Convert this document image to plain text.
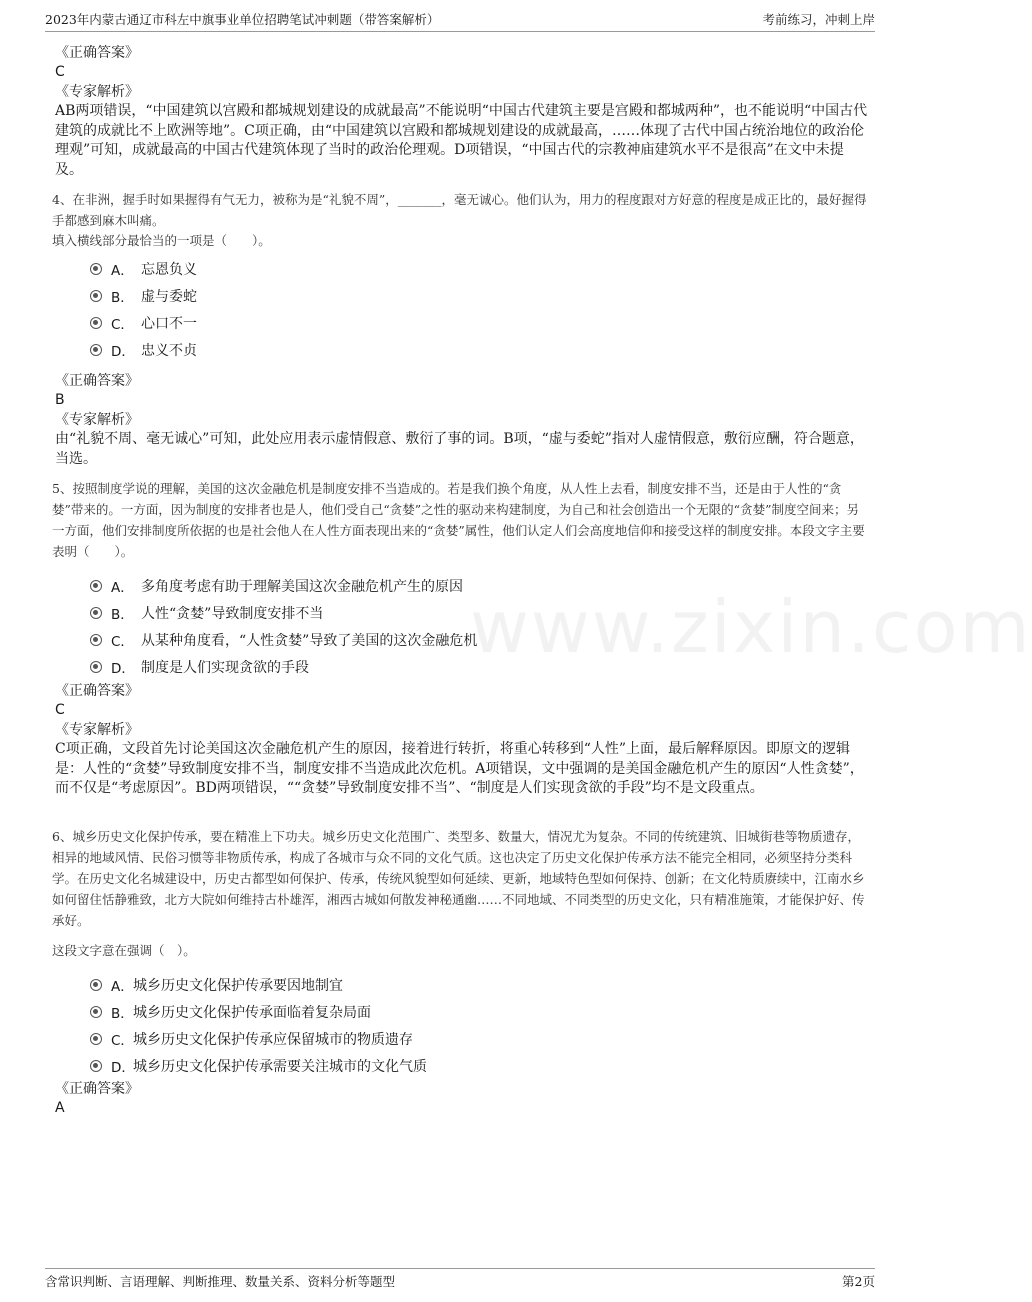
2023年内蒙古通辽市科左中旗事业单位招聘笔试冲刺题（带答案解析）	考前练习，冲刺上岸
www.zixin.com
《正确答案》
C
《专家解析》
AB两项错误，“中国建筑以宫殿和都城规划建设的成就最高”不能说明“中国古代建筑主要是宫殿和都城两种”，也不能说明“中国古代建筑的成就比不上欧洲等地”。C项正确，由“中国建筑以宫殿和都城规划建设的成就最高，……体现了古代中国占统治地位的政治伦理观”可知，成就最高的中国古代建筑体现了当时的政治伦理观。D项错误，“中国古代的宗教神庙建筑水平不是很高”在文中未提及。
4、在非洲，握手时如果握得有气无力，被称为是“礼貌不周”，_______，毫无诚心。他们认为，用力的程度跟对方好意的程度是成正比的，最好握得手都感到麻木叫痛。
填入横线部分最恰当的一项是（　　）。
A． 忘恩负义
B． 虚与委蛇
C． 心口不一
D． 忠义不贞
《正确答案》
B
《专家解析》
由“礼貌不周、毫无诚心”可知，此处应用表示虚情假意、敷衍了事的词。B项，“虚与委蛇”指对人虚情假意，敷衍应酬，符合题意，当选。
5、按照制度学说的理解，美国的这次金融危机是制度安排不当造成的。若是我们换个角度，从人性上去看，制度安排不当，还是由于人性的“贪婪”带来的。一方面，因为制度的安排者也是人，他们受自己“贪婪”之性的驱动来构建制度，为自己和社会创造出一个无限的“贪婪”制度空间来；另一方面，他们安排制度所依据的也是社会他人在人性方面表现出来的“贪婪”属性，他们认定人们会高度地信仰和接受这样的制度安排。本段文字主要表明（　　）。
A． 多角度考虑有助于理解美国这次金融危机产生的原因
B． 人性“贪婪”导致制度安排不当
C． 从某种角度看，“人性贪婪”导致了美国的这次金融危机
D． 制度是人们实现贪欲的手段
《正确答案》
C
《专家解析》
C项正确，文段首先讨论美国这次金融危机产生的原因，接着进行转折，将重心转移到“人性”上面，最后解释原因。即原文的逻辑是：人性的“贪婪”导致制度安排不当，制度安排不当造成此次危机。A项错误，文中强调的是美国金融危机产生的原因“人性贪婪”，而不仅是“考虑原因”。BD两项错误，““贪婪”导致制度安排不当”、“制度是人们实现贪欲的手段”均不是文段重点。
6、城乡历史文化保护传承，要在精准上下功夫。城乡历史文化范围广、类型多、数量大，情况尤为复杂。不同的传统建筑、旧城街巷等物质遗存，相异的地域风情、民俗习惯等非物质传承，构成了各城市与众不同的文化气质。这也决定了历史文化保护传承方法不能完全相同，必须坚持分类科学。在历史文化名城建设中，历史古都型如何保护、传承，传统风貌型如何延续、更新，地域特色型如何保持、创新；在文化特质赓续中，江南水乡如何留住恬静雅致，北方大院如何维持古朴雄浑，湘西古城如何散发神秘通幽……不同地域、不同类型的历史文化，只有精准施策，才能保护好、传承好。
这段文字意在强调（　）。
A． 城乡历史文化保护传承要因地制宜
B． 城乡历史文化保护传承面临着复杂局面
C． 城乡历史文化保护传承应保留城市的物质遗存
D．
城乡历史文化保护传承需要关注城市的文化气质
《正确答案》
A
含常识判断、言语理解、判断推理、数量关系、资料分析等题型	第2页
